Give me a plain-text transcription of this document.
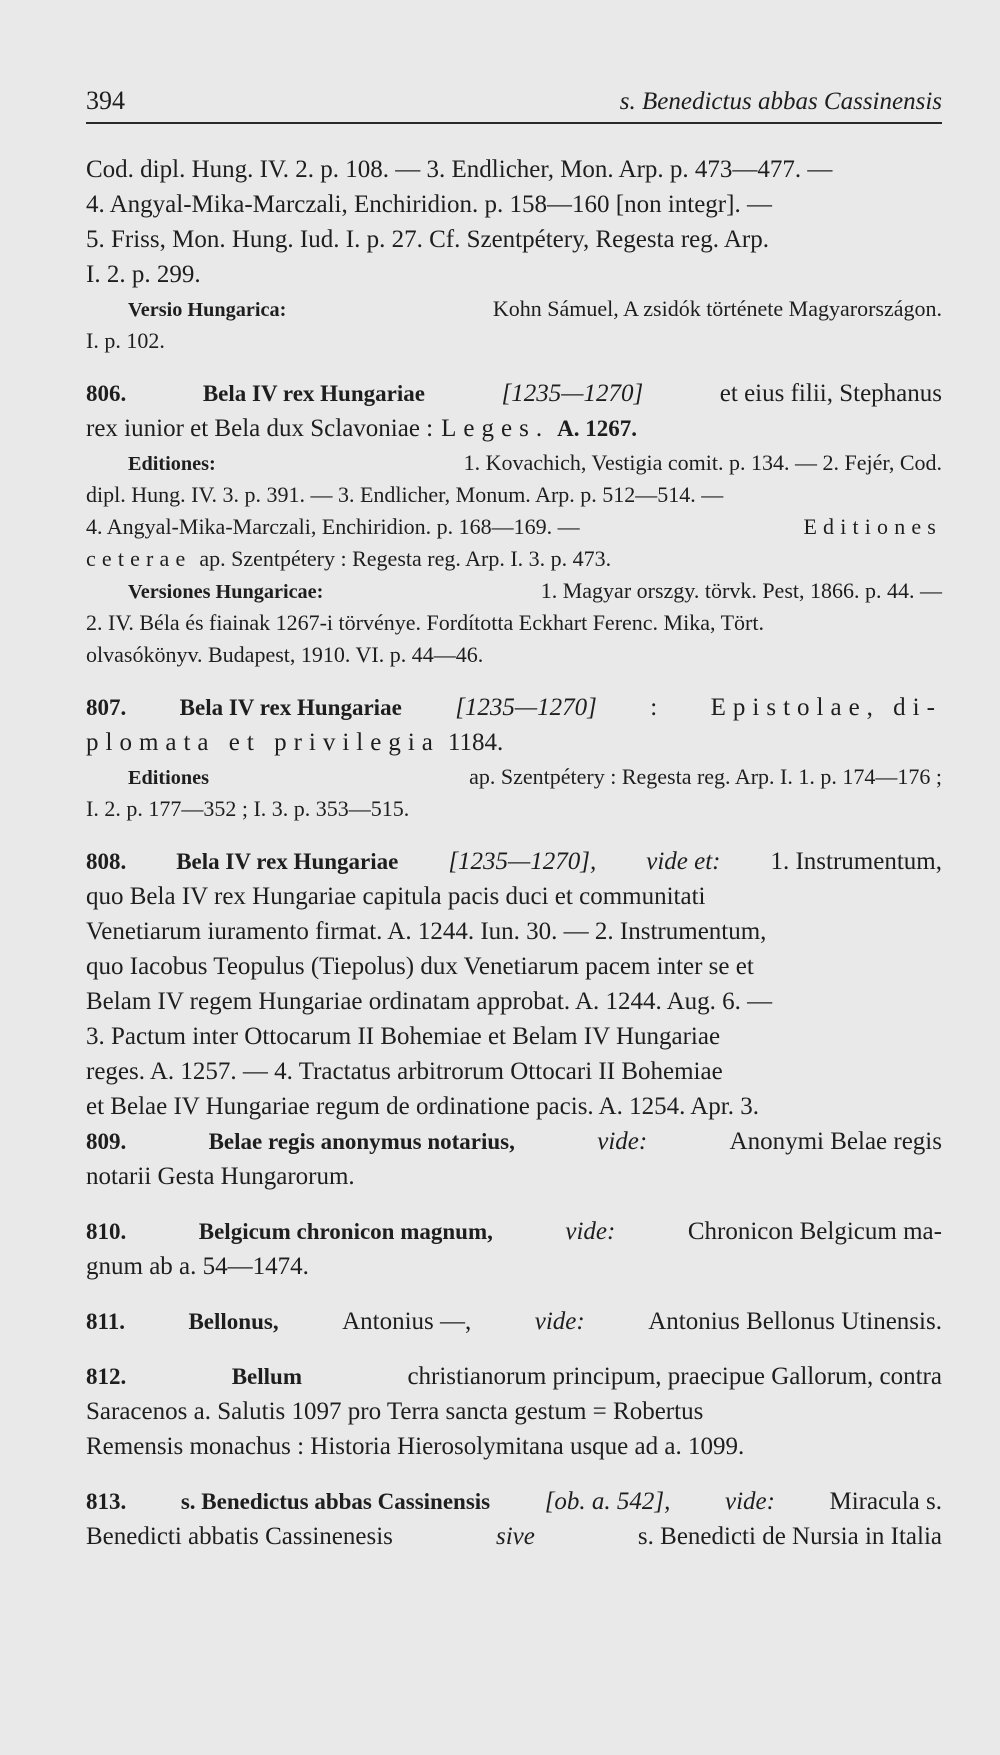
394	s. Benedictus abbas Cassinensis
Cod. dipl. Hung. IV. 2. p. 108. — 3. Endlicher, Mon. Arp. p. 473—477. —
4. Angyal-Mika-Marczali, Enchiridion. p. 158—160 [non integr]. —
5. Friss, Mon. Hung. Iud. I. p. 27. Cf. Szentpétery, Regesta reg. Arp.
I. 2. p. 299.
Versio Hungarica:	Kohn Sámuel, A zsidók története Magyarországon.
I. p. 102.
806.	Bela IV rex Hungariae	[1235—1270]	et eius filii, Stephanus
rex iunior et Bela dux Sclavoniae : Leges. A. 1267.
Editiones:	1. Kovachich, Vestigia comit. p. 134. — 2. Fejér, Cod.
dipl. Hung. IV. 3. p. 391. — 3. Endlicher, Monum. Arp. p. 512—514. —
4. Angyal-Mika-Marczali, Enchiridion. p. 168—169. —	Editiones
ceterae ap. Szentpétery : Regesta reg. Arp. I. 3. p. 473.
Versiones Hungaricae:	1. Magyar orszgy. törvk. Pest, 1866. p. 44. —
2. IV. Béla és fiainak 1267-i törvénye. Fordította Eckhart Ferenc. Mika, Tört.
olvasókönyv. Budapest, 1910. VI. p. 44—46.
807. Bela IV rex Hungariae [1235—1270] : Epistolae, di-
plomata et privilegia 1184.
Editiones	ap. Szentpétery : Regesta reg. Arp. I. 1. p. 174—176 ;
I. 2. p. 177—352 ; I. 3. p. 353—515.
808. Bela IV rex Hungariae [1235—1270], vide et: 1. Instrumentum,
quo Bela IV rex Hungariae capitula pacis duci et communitati
Venetiarum iuramento firmat. A. 1244. Iun. 30. — 2. Instrumentum,
quo Iacobus Teopulus (Tiepolus) dux Venetiarum pacem inter se et
Belam IV regem Hungariae ordinatam approbat. A. 1244. Aug. 6. —
3. Pactum inter Ottocarum II Bohemiae et Belam IV Hungariae
reges. A. 1257. — 4. Tractatus arbitrorum Ottocari II Bohemiae
et Belae IV Hungariae regum de ordinatione pacis. A. 1254. Apr. 3.
809.	Belae regis anonymus notarius,	vide:	Anonymi Belae regis
notarii Gesta Hungarorum.
810.	Belgicum chronicon magnum,	vide:	Chronicon Belgicum ma-
gnum ab a. 54—1474.
811.	Bellonus,	Antonius —,	vide:	Antonius Bellonus Utinensis.
812.	Bellum	christianorum principum, praecipue Gallorum, contra
Saracenos a. Salutis 1097 pro Terra sancta gestum = Robertus
Remensis monachus : Historia Hierosolymitana usque ad a. 1099.
813. s. Benedictus abbas Cassinensis [ob. a. 542], vide: Miracula s.
Benedicti abbatis Cassinenesis	sive	s. Benedicti de Nursia in Italia
